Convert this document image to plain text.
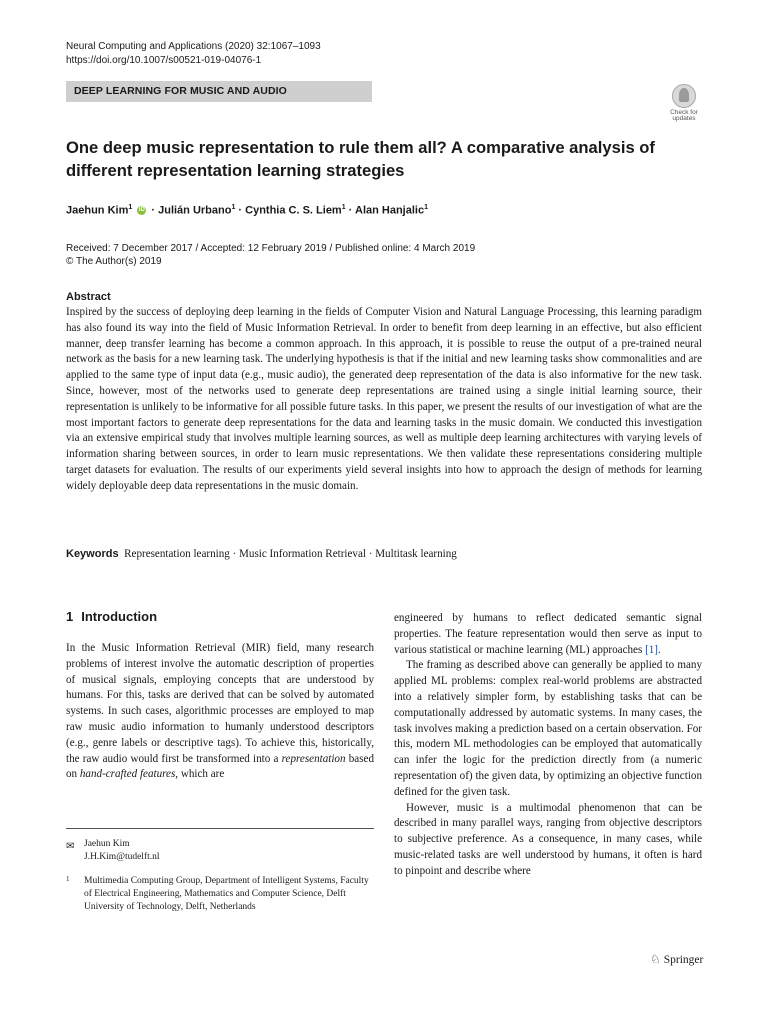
Neural Computing and Applications (2020) 32:1067–1093
https://doi.org/10.1007/s00521-019-04076-1
DEEP LEARNING FOR MUSIC AND AUDIO
Check for
updates
One deep music representation to rule them all? A comparative analysis of different representation learning strategies
Jaehun Kim$^1$ iD · Julián Urbano$^1$ · Cynthia C. S. Liem$^1$ · Alan Hanjalic$^1$
Received: 7 December 2017 / Accepted: 12 February 2019 / Published online: 4 March 2019
© The Author(s) 2019
Abstract
Inspired by the success of deploying deep learning in the fields of Computer Vision and Natural Language Processing, this learning paradigm has also found its way into the field of Music Information Retrieval. In order to benefit from deep learning in an effective, but also efficient manner, deep transfer learning has become a common approach. In this approach, it is possible to reuse the output of a pre-trained neural network as the basis for a new learning task. The underlying hypothesis is that if the initial and new learning tasks show commonalities and are applied to the same type of input data (e.g., music audio), the generated deep representation of the data is also informative for the new task. Since, however, most of the networks used to generate deep representations are trained using a single initial learning source, their representation is unlikely to be informative for all possible future tasks. In this paper, we present the results of our investigation of what are the most important factors to generate deep representations for the data and learning tasks in the music domain. We conducted this investigation via an extensive empirical study that involves multiple learning sources, as well as multiple deep learning architectures with varying levels of information sharing between sources, in order to learn music representations. We then validate these representations considering multiple target datasets for evaluation. The results of our experiments yield several insights into how to approach the design of methods for learning widely deployable deep data representations in the music domain.
Keywords Representation learning · Music Information Retrieval · Multitask learning
1 Introduction

In the Music Information Retrieval (MIR) field, many research problems of interest involve the automatic description of properties of musical signals, employing concepts that are understood by humans. For this, tasks are derived that can be solved by automated systems. In such cases, algorithmic processes are employed to map raw music audio information to humanly understood descriptors (e.g., genre labels or descriptive tags). To achieve this, historically, the raw audio would first be transformed into a representation based on hand-crafted features, which are

engineered by humans to reflect dedicated semantic signal properties. The feature representation would then serve as input to various statistical or machine learning (ML) approaches [1].

The framing as described above can generally be applied to many applied ML problems: complex real-world problems are abstracted into a relatively simpler form, by establishing tasks that can be computationally addressed by automatic systems. In many cases, the task involves making a prediction based on a certain observation. For this, modern ML methodologies can be employed that automatically can infer the logic for the prediction directly from (a numeric representation of) the given data, by optimizing an objective function defined for the given task.

However, music is a multimodal phenomenon that can be described in many parallel ways, ranging from objective descriptors to subjective preference. As a consequence, in many cases, while music-related tasks are well understood by humans, it often is hard to pinpoint and describe where

✉ Jaehun Kim
J.H.Kim@tudelft.nl
1 Multimedia Computing Group, Department of Intelligent Systems, Faculty of Electrical Engineering, Mathematics and Computer Science, Delft University of Technology, Delft, Netherlands
♘ Springer
